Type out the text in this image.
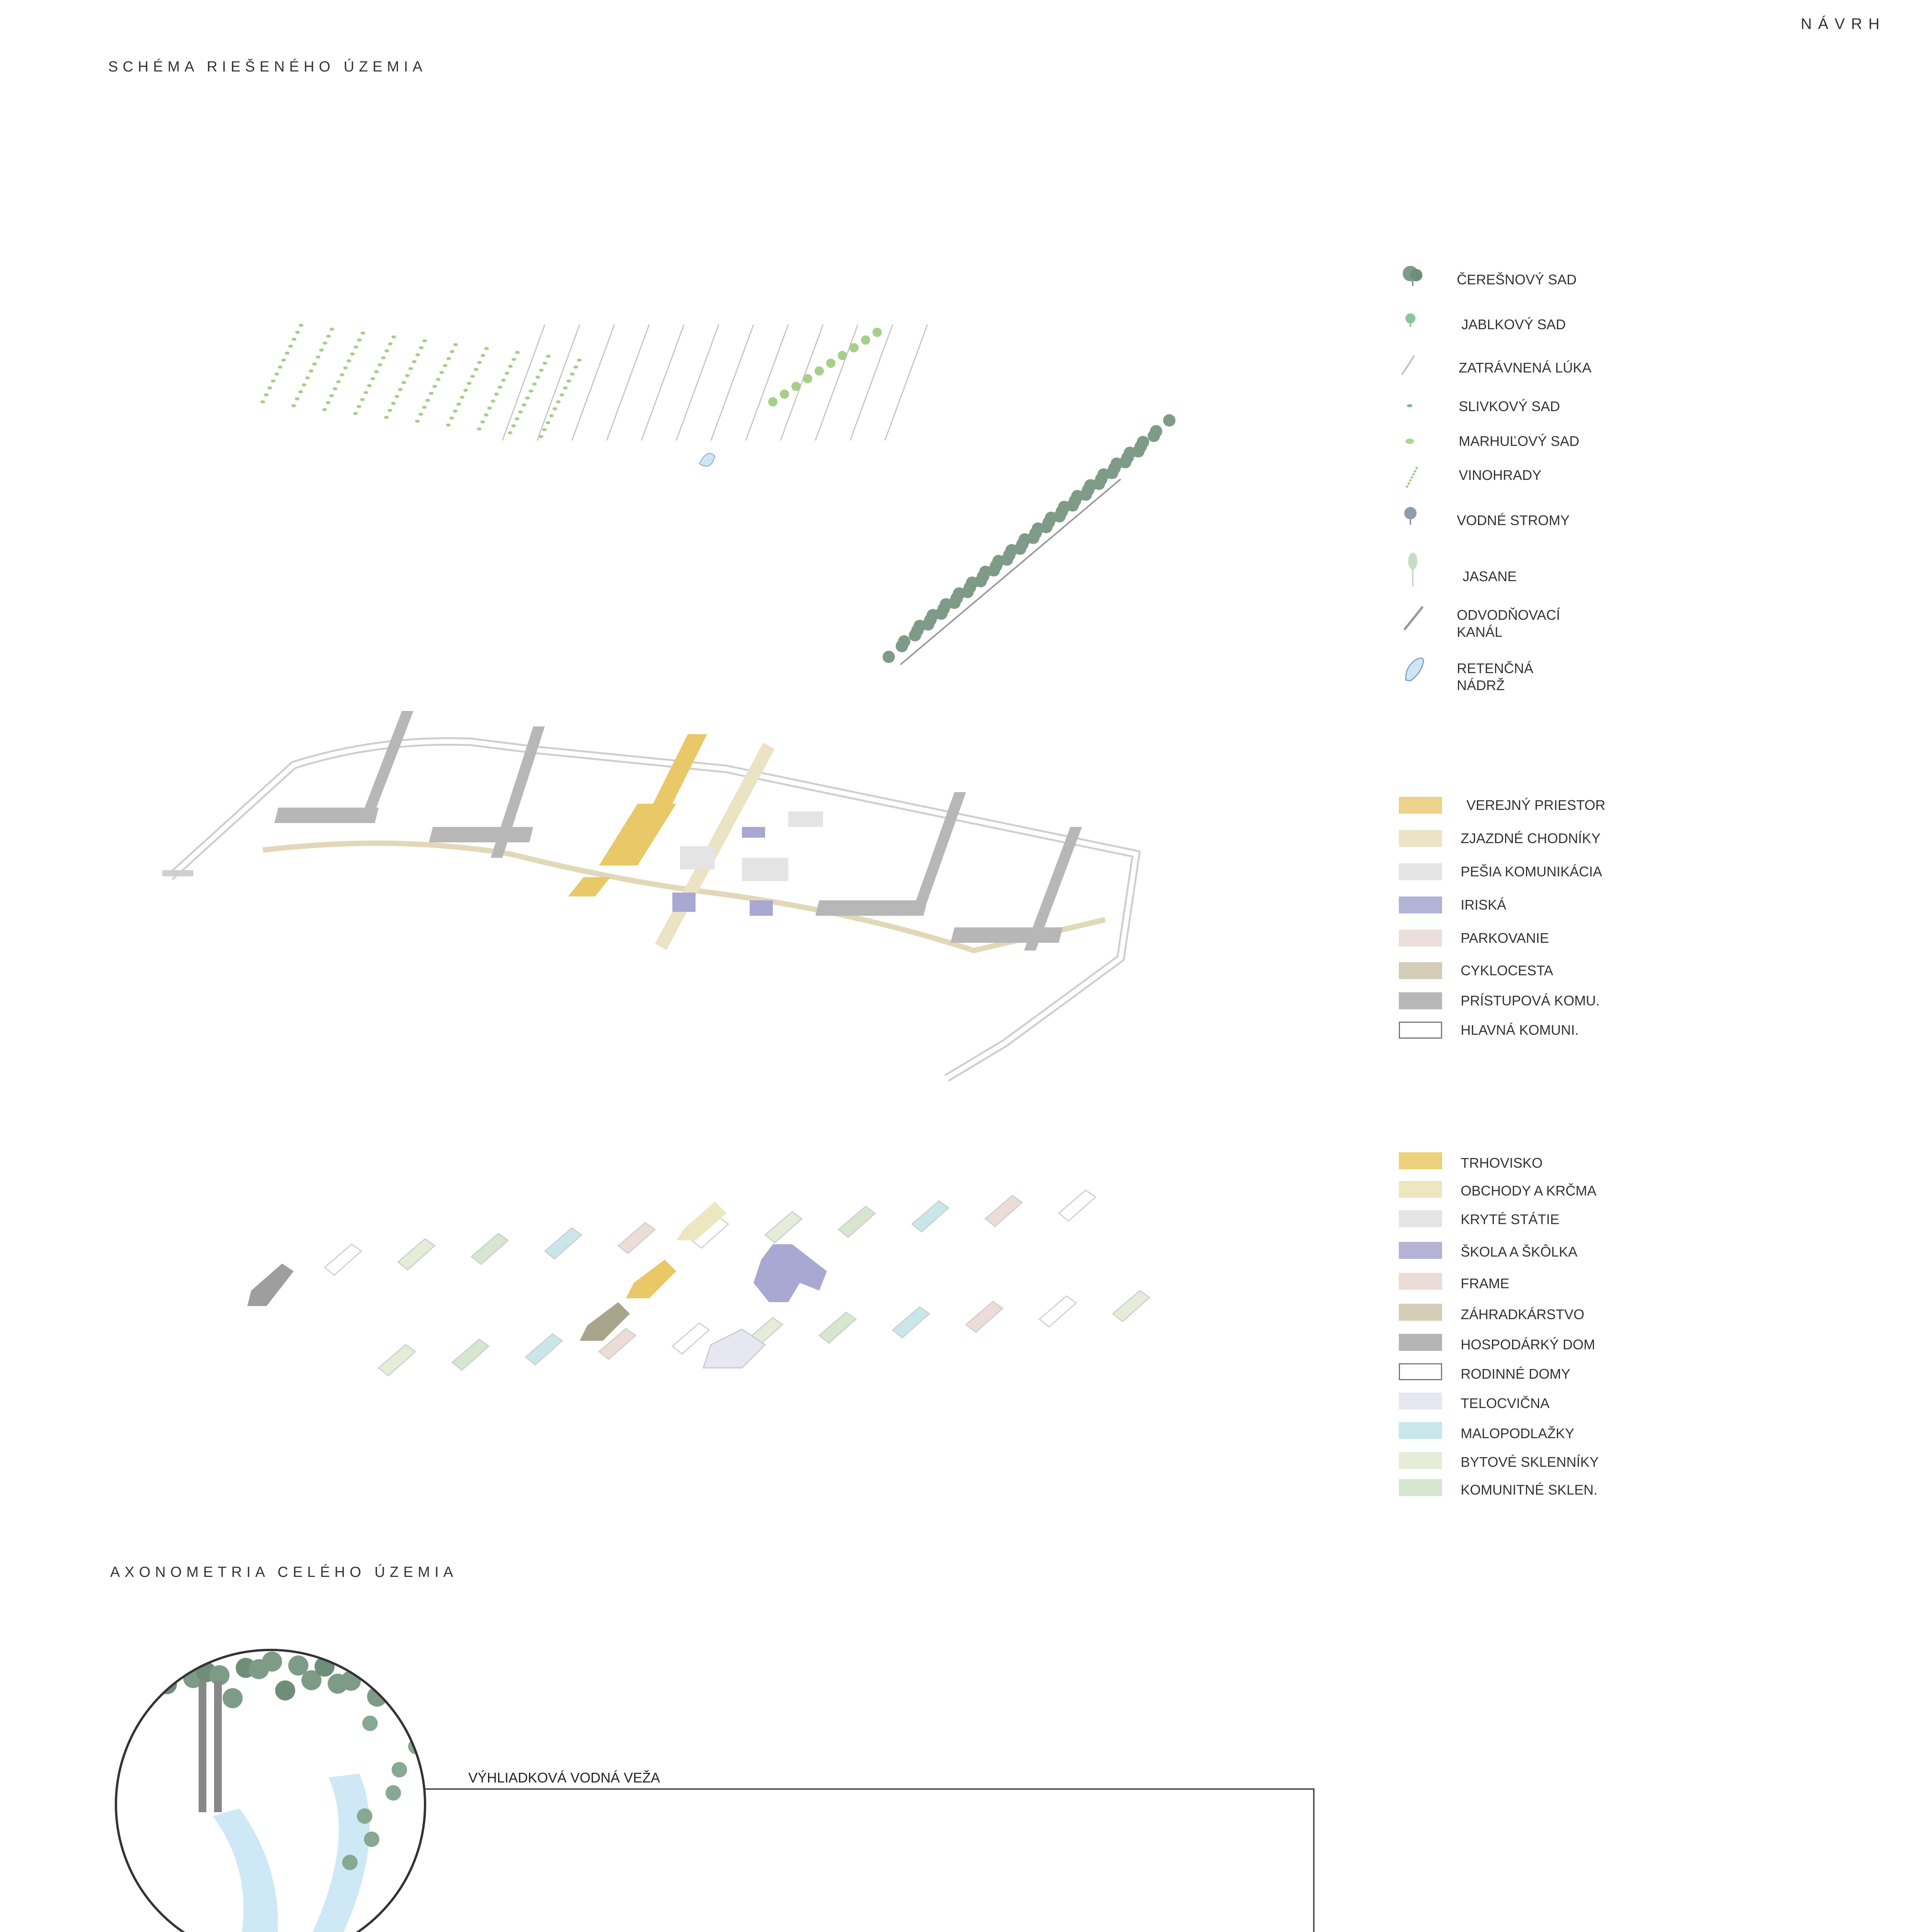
NÁVRH
SCHÉMA RIEŠENÉHO ÚZEMIA
AXONOMETRIA CELÉHO ÚZEMIA
ČEREŠNOVÝ SAD
JABLKOVÝ SAD
ZATRÁVNENÁ LÚKA
SLIVKOVÝ SAD
MARHUĽOVÝ SAD
VINOHRADY
VODNÉ STROMY
JASANE
ODVODŇOVACÍ
KANÁL
RETENČNÁ
NÁDRŽ
VEREJNÝ PRIESTOR
ZJAZDNÉ CHODNÍKY
PEŠIA KOMUNIKÁCIA
IRISKÁ
PARKOVANIE
CYKLOCESTA
PRÍSTUPOVÁ KOMU.
HLAVNÁ KOMUNI.
TRHOVISKO
OBCHODY A KRČMA
KRYTÉ STÁTIE
ŠKOLA A ŠKÔLKA
FRAME
ZÁHRADKÁRSTVO
HOSPODÁRKÝ DOM
RODINNÉ DOMY
TELOCVIČNA
MALOPODLAŽKY
BYTOVÉ SKLENNÍKY
KOMUNITNÉ SKLEN.
VÝHLIADKOVÁ VODNÁ VEŽA
